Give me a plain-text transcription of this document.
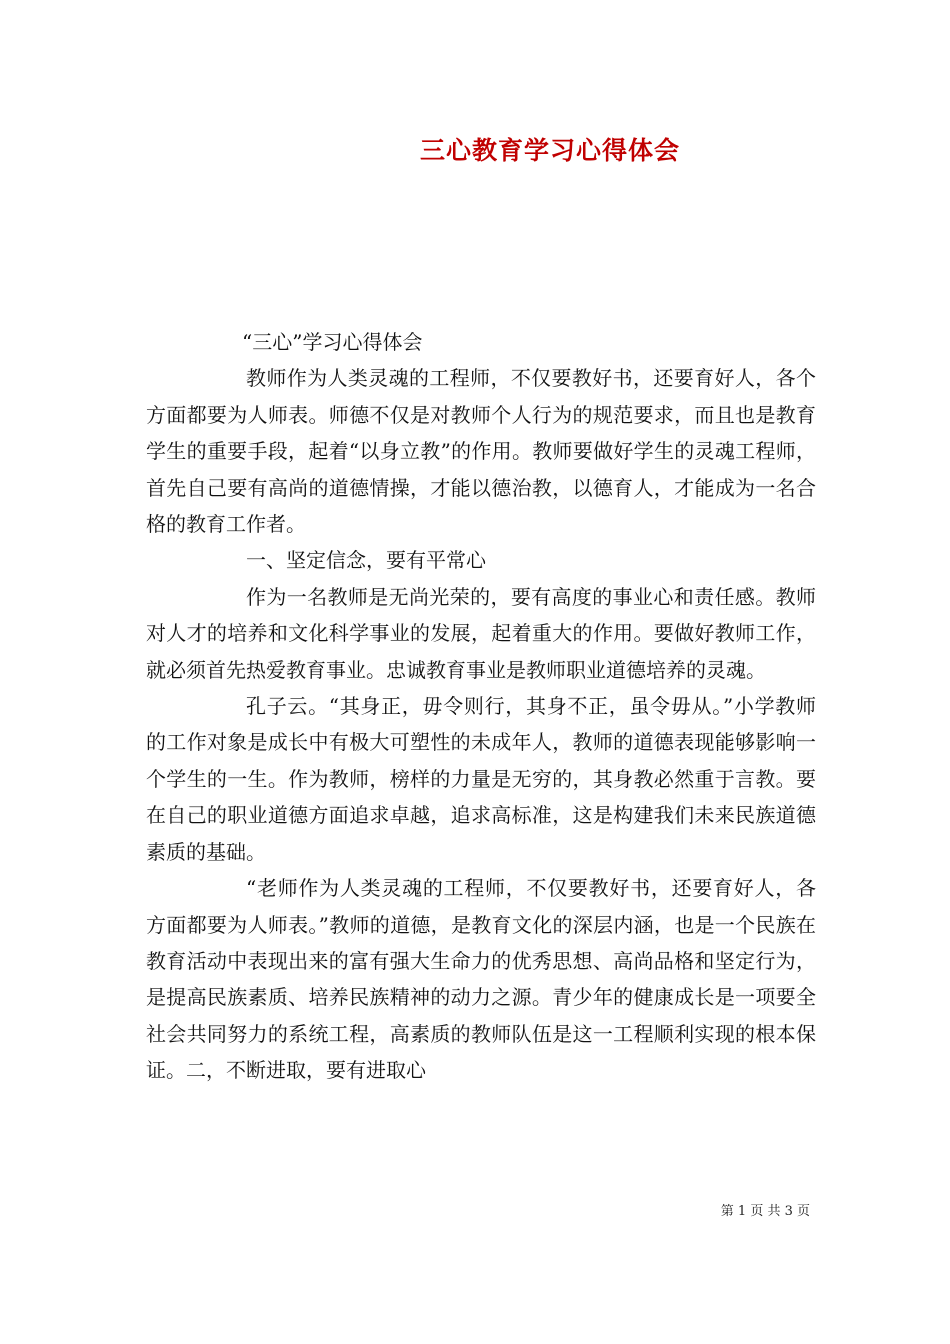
三心教育学习心得体会

“三心”学习心得体会

教师作为人类灵魂的工程师，不仅要教好书，还要育好人，各个方面都要为人师表。师德不仅是对教师个人行为的规范要求，而且也是教育学生的重要手段，起着“以身立教”的作用。教师要做好学生的灵魂工程师，首先自己要有高尚的道德情操，才能以德治教，以德育人，才能成为一名合格的教育工作者。

一、坚定信念，要有平常心

作为一名教师是无尚光荣的，要有高度的事业心和责任感。教师对人才的培养和文化科学事业的发展，起着重大的作用。要做好教师工作，就必须首先热爱教育事业。忠诚教育事业是教师职业道德培养的灵魂。

孔子云。“其身正，毋令则行，其身不正，虽令毋从。”小学教师的工作对象是成长中有极大可塑性的未成年人，教师的道德表现能够影响一个学生的一生。作为教师，榜样的力量是无穷的，其身教必然重于言教。要在自己的职业道德方面追求卓越，追求高标准，这是构建我们未来民族道德素质的基础。

“老师作为人类灵魂的工程师，不仅要教好书，还要育好人，各方面都要为人师表。”教师的道德，是教育文化的深层内涵，也是一个民族在教育活动中表现出来的富有强大生命力的优秀思想、高尚品格和坚定行为，是提高民族素质、培养民族精神的动力之源。青少年的健康成长是一项要全社会共同努力的系统工程，高素质的教师队伍是这一工程顺利实现的根本保证。二，不断进取，要有进取心

第 1 页 共 3 页
